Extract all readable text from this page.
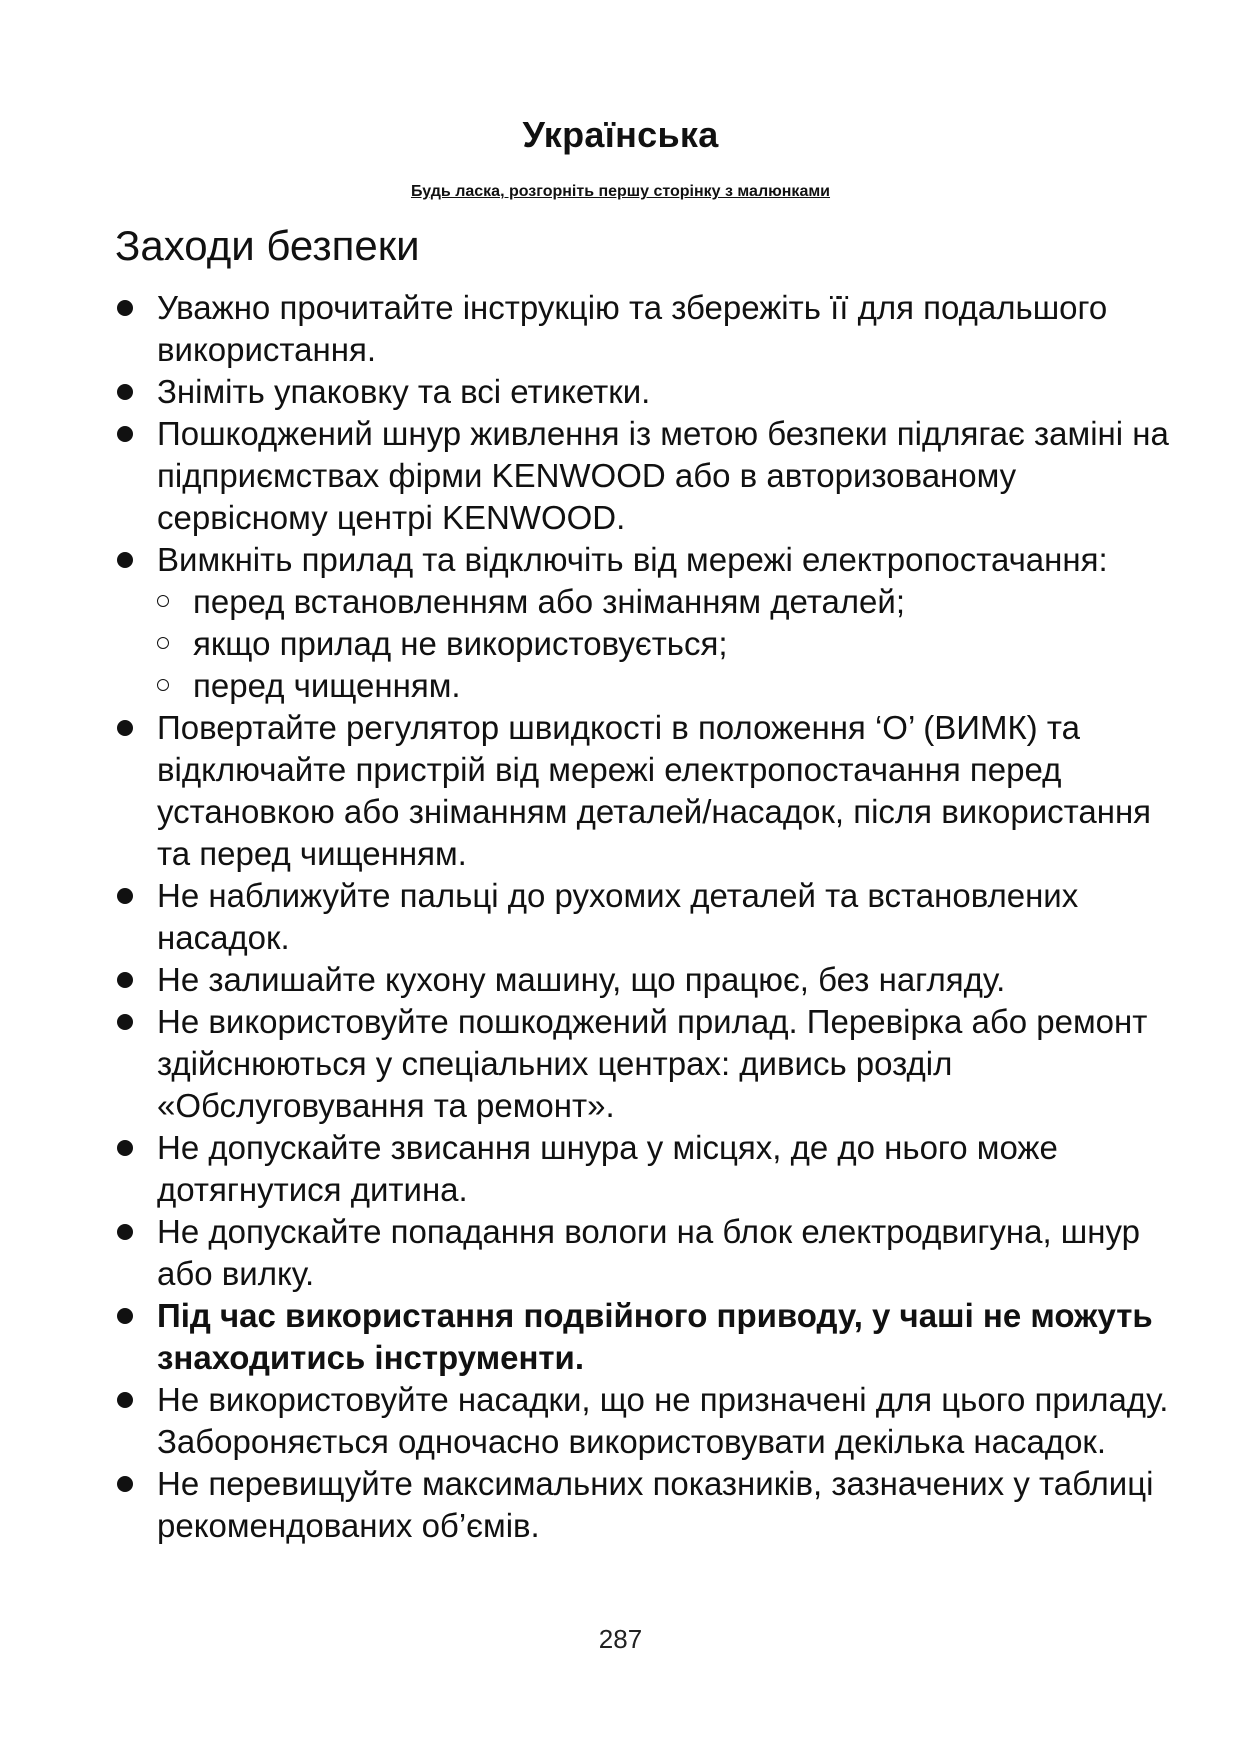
Українська
Будь ласка, розгорніть першу сторінку з малюнками
Заходи безпеки
Уважно прочитайте інструкцію та збережіть її для подальшого використання.
Зніміть упаковку та всі етикетки.
Пошкоджений шнур живлення із метою безпеки підлягає заміні на підприємствах фірми KENWOOD або в авторизованому сервісному центрі KENWOOD.
Вимкніть прилад та відключіть від мережі електропостачання:
перед встановленням або зніманням деталей;
якщо прилад не використовується;
перед чищенням.
Повертайте регулятор швидкості в положення ‘O’ (ВИМК) та відключайте пристрій від мережі електропостачання перед установкою або зніманням деталей/насадок, після використання та перед чищенням.
Не наближуйте пальці до рухомих деталей та встановлених насадок.
Не залишайте кухону машину, що працює, без нагляду.
Не використовуйте пошкоджений прилад. Перевірка або ремонт здійснюються у спеціальних центрах: дивись розділ «Обслуговування та ремонт».
Не допускайте звисання шнура у місцях, де до нього може дотягнутися дитина.
Не допускайте попадання вологи на блок електродвигуна, шнур або вилку.
Під час використання подвійного приводу, у чаші не можуть знаходитись інструменти.
Не використовуйте насадки, що не призначені для цього приладу. Забороняється одночасно використовувати декілька насадок.
Не перевищуйте максимальних показників, зазначених у таблиці рекомендованих об’ємів.
287
